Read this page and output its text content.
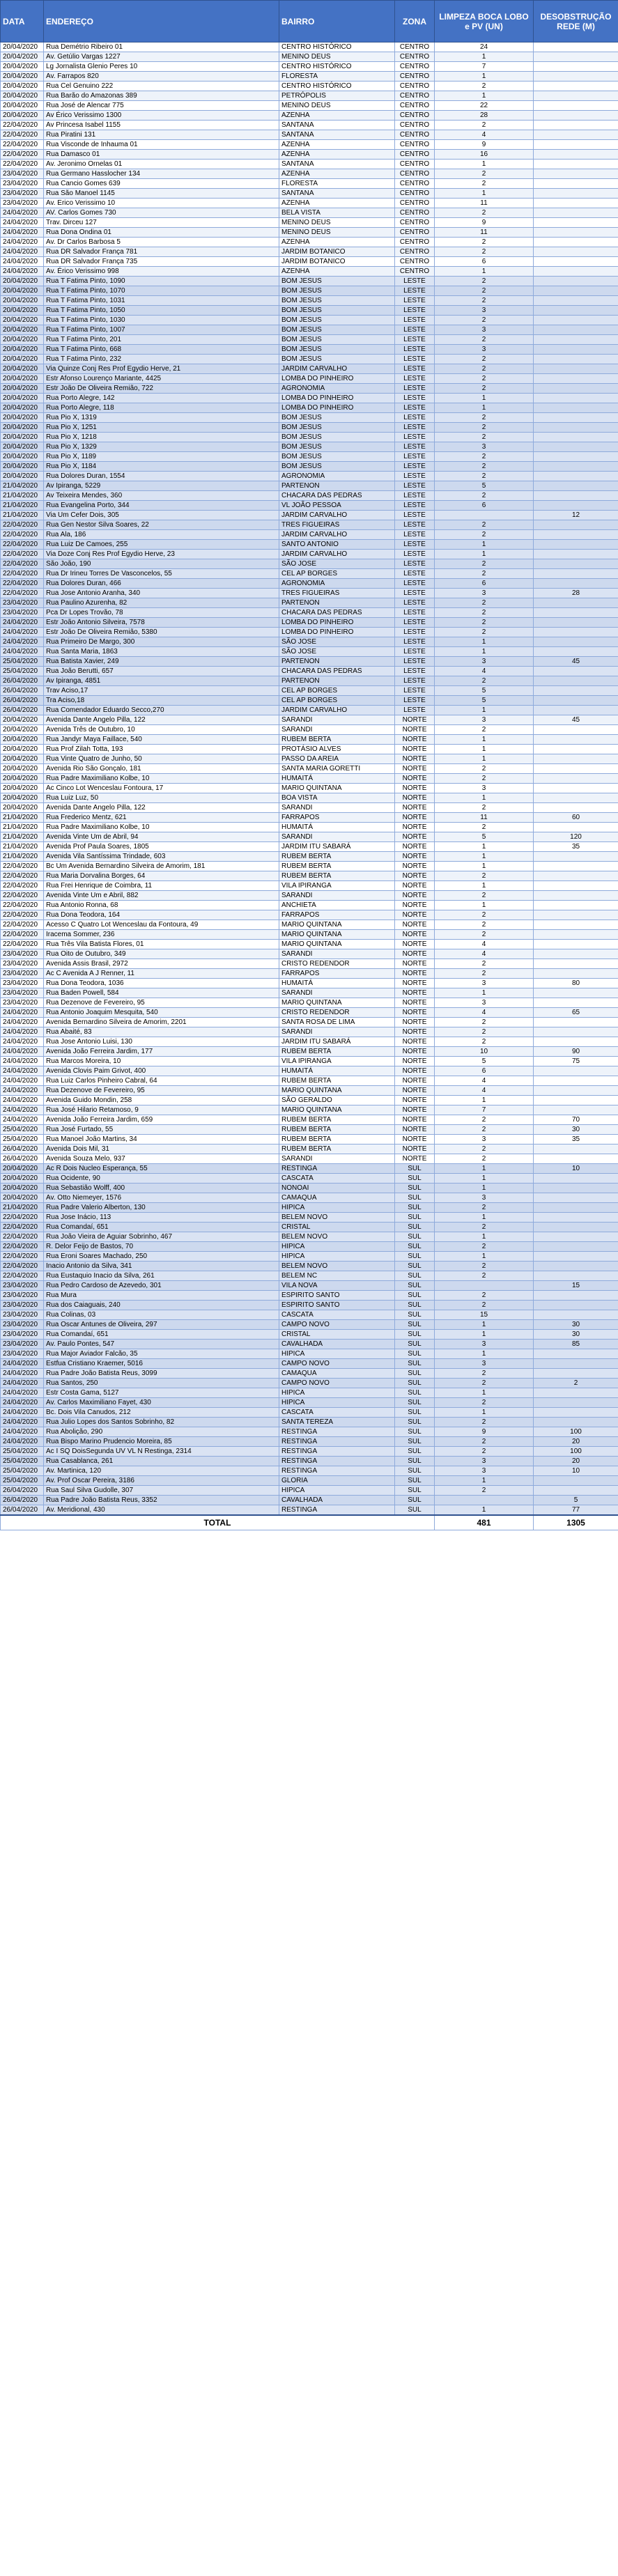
DATA	ENDEREÇO	BAIRRO	ZONA	LIMPEZA BOCA LOBO e PV (UN)	DESOBSTRUÇÃO REDE (M)
20/04/2020	Rua Demétrio Ribeiro 01	CENTRO HISTÓRICO	CENTRO	24	
20/04/2020	Av. Getúlio Vargas 1227	MENINO DEUS	CENTRO	1	
20/04/2020	Lg Jornalista Glenio Peres 10	CENTRO HISTÓRICO	CENTRO	7	
20/04/2020	Av. Farrapos 820	FLORESTA	CENTRO	1	
20/04/2020	Rua Cel Genuino 222	CENTRO HISTÓRICO	CENTRO	2	
20/04/2020	Rua Barão do Amazonas 389	PETRÓPOLIS	CENTRO	1	
20/04/2020	Rua José de Alencar 775	MENINO DEUS	CENTRO	22	
20/04/2020	Av Érico Verissimo 1300	AZENHA	CENTRO	28	
22/04/2020	Av Princesa Isabel 1155	SANTANA	CENTRO	2	
22/04/2020	Rua Piratini 131	SANTANA	CENTRO	4	
22/04/2020	Rua Visconde de Inhauma 01	AZENHA	CENTRO	9	
22/04/2020	Rua Damasco 01	AZENHA	CENTRO	16	
22/04/2020	Av. Jeronimo Ornelas 01	SANTANA	CENTRO	1	
23/04/2020	Rua Germano Hasslocher 134	AZENHA	CENTRO	2	
23/04/2020	Rua Cancio Gomes 639	FLORESTA	CENTRO	2	
23/04/2020	Rua São Manoel 1145	SANTANA	CENTRO	1	
23/04/2020	Av. Erico Verissimo 10	AZENHA	CENTRO	11	
24/04/2020	AV. Carlos Gomes 730	BELA VISTA	CENTRO	2	
24/04/2020	Trav. Dirceu 127	MENINO DEUS	CENTRO	9	
24/04/2020	Rua Dona Ondina 01	MENINO DEUS	CENTRO	11	
24/04/2020	Av. Dr Carlos Barbosa 5	AZENHA	CENTRO	2	
24/04/2020	Rua DR Salvador França 781	JARDIM BOTANICO	CENTRO	2	
24/04/2020	Rua DR Salvador França 735	JARDIM BOTANICO	CENTRO	6	
24/04/2020	Av. Érico Verissimo 998	AZENHA	CENTRO	1	
20/04/2020	Rua T Fatima Pinto, 1090	BOM JESUS	LESTE	2	
20/04/2020	Rua T Fatima Pinto, 1070	BOM JESUS	LESTE	2	
20/04/2020	Rua T Fatima Pinto, 1031	BOM JESUS	LESTE	2	
20/04/2020	Rua T Fatima Pinto, 1050	BOM JESUS	LESTE	3	
20/04/2020	Rua T Fatima Pinto, 1030	BOM JESUS	LESTE	2	
20/04/2020	Rua T Fatima Pinto, 1007	BOM JESUS	LESTE	3	
20/04/2020	Rua T Fatima Pinto, 201	BOM JESUS	LESTE	2	
20/04/2020	Rua T Fatima Pinto, 668	BOM JESUS	LESTE	3	
20/04/2020	Rua T Fatima Pinto, 232	BOM JESUS	LESTE	2	
20/04/2020	Via Quinze Conj Res Prof Egydio Herve, 21	JARDIM CARVALHO	LESTE	2	
20/04/2020	Estr Afonso Lourenço Mariante, 4425	LOMBA DO PINHEIRO	LESTE	2	
20/04/2020	Estr João De Oliveira Remião, 722	AGRONOMIA	LESTE	2	
20/04/2020	Rua Porto Alegre, 142	LOMBA DO PINHEIRO	LESTE	1	
20/04/2020	Rua Porto Alegre, 118	LOMBA DO PINHEIRO	LESTE	1	
20/04/2020	Rua Pio X, 1319	BOM JESUS	LESTE	2	
20/04/2020	Rua Pio X, 1251	BOM JESUS	LESTE	2	
20/04/2020	Rua Pio X, 1218	BOM JESUS	LESTE	2	
20/04/2020	Rua Pio X, 1329	BOM JESUS	LESTE	3	
20/04/2020	Rua Pio X, 1189	BOM JESUS	LESTE	2	
20/04/2020	Rua Pio X, 1184	BOM JESUS	LESTE	2	
20/04/2020	Rua Dolores Duran, 1554	AGRONOMIA	LESTE	2	
21/04/2020	Av Ipiranga, 5229	PARTENON	LESTE	5	
21/04/2020	Av Teixeira Mendes, 360	CHACARA DAS PEDRAS	LESTE	2	
21/04/2020	Rua Evangelina Porto, 344	VL JOÃO PESSOA	LESTE	6	
21/04/2020	Via Um Cefer Dois, 305	JARDIM CARVALHO	LESTE		12
22/04/2020	Rua Gen Nestor Silva Soares, 22	TRES FIGUEIRAS	LESTE	2	
22/04/2020	Rua Ala, 186	JARDIM CARVALHO	LESTE	2	
22/04/2020	Rua Luiz De Camoes, 255	SANTO ANTONIO	LESTE	1	
22/04/2020	Via Doze Conj Res Prof Egydio Herve, 23	JARDIM CARVALHO	LESTE	1	
22/04/2020	São João, 190	SÃO JOSE	LESTE	2	
22/04/2020	Rua Dr Irineu Torres De Vasconcelos, 55	CEL AP BORGES	LESTE	2	
22/04/2020	Rua Dolores Duran, 466	AGRONOMIA	LESTE	6	
22/04/2020	Rua Jose Antonio Aranha, 340	TRES FIGUEIRAS	LESTE	3	28
23/04/2020	Rua Paulino Azurenha, 82	PARTENON	LESTE	2	
23/04/2020	Pca Dr Lopes Trovão, 78	CHACARA DAS PEDRAS	LESTE	2	
24/04/2020	Estr João Antonio Silveira, 7578	LOMBA DO PINHEIRO	LESTE	2	
24/04/2020	Estr João De Oliveira Remião, 5380	LOMBA DO PINHEIRO	LESTE	2	
24/04/2020	Rua Primeiro De Margo, 300	SÃO JOSE	LESTE	1	
24/04/2020	Rua Santa Maria, 1863	SÃO JOSE	LESTE	1	
25/04/2020	Rua Batista Xavier, 249	PARTENON	LESTE	3	45
25/04/2020	Rua João Berutti, 657	CHACARA DAS PEDRAS	LESTE	4	
26/04/2020	Av Ipiranga, 4851	PARTENON	LESTE	2	
26/04/2020	Trav Aciso,17	CEL AP BORGES	LESTE	5	
26/04/2020	Tra Aciso,18	CEL AP BORGES	LESTE	5	
26/04/2020	Rua Comendador Eduardo Secco,270	JARDIM CARVALHO	LESTE	1	
20/04/2020	Avenida Dante Angelo Pilla, 122	SARANDI	NORTE	3	45
20/04/2020	Avenida Três de Outubro, 10	SARANDI	NORTE	2	
20/04/2020	Rua Jandyr Maya Faillace, 540	RUBEM BERTA	NORTE	1	
20/04/2020	Rua Prof Zilah Totta, 193	PROTÁSIO ALVES	NORTE	1	
20/04/2020	Rua Vinte Quatro de Junho, 50	PASSO DA AREIA	NORTE	1	
20/04/2020	Avenida Rio São Gonçalo, 181	SANTA MARIA GORETTI	NORTE	2	
20/04/2020	Rua Padre Maximiliano Kolbe, 10	HUMAITÁ	NORTE	2	
20/04/2020	Ac Cinco Lot Wenceslau Fontoura, 17	MARIO QUINTANA	NORTE	3	
20/04/2020	Rua Luiz Luz, 50	BOA VISTA	NORTE	1	
20/04/2020	Avenida Dante Angelo Pilla, 122	SARANDI	NORTE	2	
21/04/2020	Rua Frederico Mentz, 621	FARRAPOS	NORTE	11	60
21/04/2020	Rua Padre Maximiliano Kolbe, 10	HUMAITÁ	NORTE	2	
21/04/2020	Avenida Vinte Um de Abril, 94	SARANDI	NORTE	5	120
21/04/2020	Avenida Prof Paula Soares, 1805	JARDIM ITU SABARÁ	NORTE	1	35
21/04/2020	Avenida Vila Santíssima Trindade, 603	RUBEM BERTA	NORTE	1	
22/04/2020	Bc Um Avenida Bernardino Silveira de Amorim, 181	RUBEM BERTA	NORTE	1	
22/04/2020	Rua Maria Dorvalina Borges, 64	RUBEM BERTA	NORTE	2	
22/04/2020	Rua Frei Henrique de Coimbra, 11	VILA IPIRANGA	NORTE	1	
22/04/2020	Avenida Vinte Um e Abril, 882	SARANDI	NORTE	2	
22/04/2020	Rua Antonio Ronna, 68	ANCHIETA	NORTE	1	
22/04/2020	Rua Dona Teodora, 164	FARRAPOS	NORTE	2	
22/04/2020	Acesso C Quatro Lot Wenceslau da Fontoura, 49	MARIO QUINTANA	NORTE	2	
22/04/2020	Iracema Sommer, 236	MARIO QUINTANA	NORTE	2	
22/04/2020	Rua Três Vila Batista Flores, 01	MARIO QUINTANA	NORTE	4	
23/04/2020	Rua Oito de Outubro, 349	SARANDI	NORTE	4	
23/04/2020	Avenida Assis Brasil, 2972	CRISTO REDENDOR	NORTE	2	
23/04/2020	Ac C Avenida A J Renner, 11	FARRAPOS	NORTE	2	
23/04/2020	Rua Dona Teodora, 1036	HUMAITÁ	NORTE	3	80
23/04/2020	Rua Baden Powell, 584	SARANDI	NORTE	1	
23/04/2020	Rua Dezenove de Fevereiro, 95	MARIO QUINTANA	NORTE	3	
24/04/2020	Rua Antonio Joaquim Mesquita, 540	CRISTO REDENDOR	NORTE	4	65
24/04/2020	Avenida Bernardino Silveira de Amorim, 2201	SANTA ROSA DE LIMA	NORTE	2	
24/04/2020	Rua Abaité, 83	SARANDI	NORTE	2	
24/04/2020	Rua Jose Antonio Luisi, 130	JARDIM ITU SABARÁ	NORTE	2	
24/04/2020	Avenida João Ferreira Jardim, 177	RUBEM BERTA	NORTE	10	90
24/04/2020	Rua Marcos Moreira, 10	VILA IPIRANGA	NORTE	5	75
24/04/2020	Avenida Clovis Paim Grivot, 400	HUMAITÁ	NORTE	6	
24/04/2020	Rua Luiz Carlos Pinheiro Cabral, 64	RUBEM BERTA	NORTE	4	
24/04/2020	Rua Dezenove de Fevereiro, 95	MARIO QUINTANA	NORTE	4	
24/04/2020	Avenida Guido Mondin, 258	SÃO GERALDO	NORTE	1	
24/04/2020	Rua José Hilario Retamoso, 9	MARIO QUINTANA	NORTE	7	
24/04/2020	Avenida João Ferreira Jardim, 659	RUBEM BERTA	NORTE	2	70
25/04/2020	Rua José Furtado, 55	RUBEM BERTA	NORTE	2	30
25/04/2020	Rua Manoel João Martins, 34	RUBEM BERTA	NORTE	3	35
26/04/2020	Avenida Dois Mil, 31	RUBEM BERTA	NORTE	2	
26/04/2020	Avenida Souza Melo, 937	SARANDI	NORTE	2	
20/04/2020	Ac R Dois Nucleo Esperança, 55	RESTINGA	SUL	1	10
20/04/2020	Rua Ocidente, 90	CASCATA	SUL	1	
20/04/2020	Rua Sebastião Wolff, 400	NONOAI	SUL	1	
20/04/2020	Av. Otto Niemeyer, 1576	CAMAQUA	SUL	3	
21/04/2020	Rua Padre Valerio Alberton, 130	HIPICA	SUL	2	
22/04/2020	Rua Jose Inácio, 113	BELEM NOVO	SUL	1	
22/04/2020	Rua Comandaí, 651	CRISTAL	SUL	2	
22/04/2020	Rua João Vieira de Aguiar Sobrinho, 467	BELEM NOVO	SUL	1	
22/04/2020	R. Delor Feijo de Bastos, 70	HIPICA	SUL	2	
22/04/2020	Rua Eroni Soares Machado, 250	HIPICA	SUL	1	
22/04/2020	Inacio Antonio da Silva, 341	BELEM NOVO	SUL	2	
22/04/2020	Rua Eustaquio Inacio da Silva, 261	BELEM NC	SUL	2	
23/04/2020	Rua Pedro Cardoso de Azevedo, 301	VILA NOVA	SUL		15
23/04/2020	Rua Mura	ESPIRITO SANTO	SUL	2	
23/04/2020	Rua dos Caiaguais, 240	ESPIRITO SANTO	SUL	2	
23/04/2020	Rua Colinas, 03	CASCATA	SUL	15	
23/04/2020	Rua Oscar Antunes de Oliveira, 297	CAMPO NOVO	SUL	1	30
23/04/2020	Rua Comandaí, 651	CRISTAL	SUL	1	30
23/04/2020	Av. Paulo Pontes, 547	CAVALHADA	SUL	3	85
23/04/2020	Rua Major Aviador Falcão, 35	HIPICA	SUL	1	
24/04/2020	Estfua Cristiano Kraemer, 5016	CAMPO NOVO	SUL	3	
24/04/2020	Rua Padre João Batista Reus, 3099	CAMAQUA	SUL	2	
24/04/2020	Rua Santos, 250	CAMPO NOVO	SUL	2	2
24/04/2020	Estr Costa Gama, 5127	HIPICA	SUL	1	
24/04/2020	Av. Carlos Maximiliano Fayet, 430	HIPICA	SUL	2	
24/04/2020	Bc. Dois Vila Canudos, 212	CASCATA	SUL	1	
24/04/2020	Rua Julio Lopes dos Santos Sobrinho, 82	SANTA TEREZA	SUL	2	
24/04/2020	Rua Abolição, 290	RESTINGA	SUL	9	100
24/04/2020	Rua Bispo Marino Prudencio Moreira, 85	RESTINGA	SUL	2	20
25/04/2020	Ac I SQ DoisSegunda UV VL N Restinga, 2314	RESTINGA	SUL	2	100
25/04/2020	Rua Casablanca, 261	RESTINGA	SUL	3	20
25/04/2020	Av. Martinica, 120	RESTINGA	SUL	3	10
25/04/2020	Av. Prof Oscar Pereira, 3186	GLORIA	SUL	1	
26/04/2020	Rua Saul Silva Gudolle, 307	HIPICA	SUL	2	
26/04/2020	Rua Padre João Batista Reus, 3352	CAVALHADA	SUL		5
26/04/2020	Av. Meridional, 430	RESTINGA	SUL	1	77
TOTAL				481	1305
